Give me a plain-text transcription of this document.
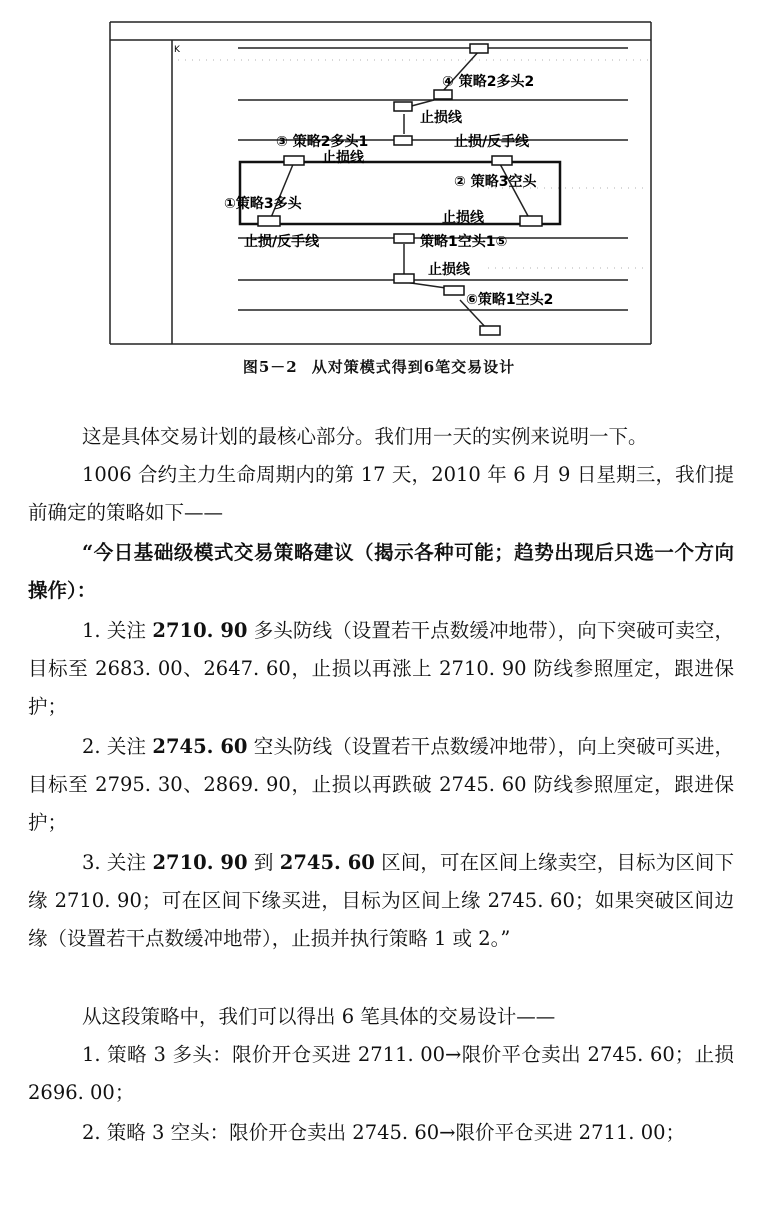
K
④ 策略2多头2
止损线
③ 策略2多头1	止损/反手线
止损线
② 策略3空头
①策略3多头
止损线
止损/反手线	策略1空头1⑤
止损线
⑥策略1空头2
图5－2 从对策模式得到6笔交易设计
这是具体交易计划的最核心部分。我们用一天的实例来说明一下。
1006 合约主力生命周期内的第 17 天，2010 年 6 月 9 日星期三，我们提前确定的策略如下——
“今日基础级模式交易策略建议（揭示各种可能；趋势出现后只选一个方向操作）：
1. 关注 2710. 90 多头防线（设置若干点数缓冲地带），向下突破可卖空，目标至 2683. 00、2647. 60，止损以再涨上 2710. 90 防线参照厘定，跟进保护；
2. 关注 2745. 60 空头防线（设置若干点数缓冲地带），向上突破可买进，目标至 2795. 30、2869. 90，止损以再跌破 2745. 60 防线参照厘定，跟进保护；
3. 关注 2710. 90 到 2745. 60 区间，可在区间上缘卖空，目标为区间下缘 2710. 90；可在区间下缘买进，目标为区间上缘 2745. 60；如果突破区间边缘（设置若干点数缓冲地带），止损并执行策略 1 或 2。”
从这段策略中，我们可以得出 6 笔具体的交易设计——
1. 策略 3 多头：限价开仓买进 2711. 00→限价平仓卖出 2745. 60；止损 2696. 00；
2. 策略 3 空头：限价开仓卖出 2745. 60→限价平仓买进 2711. 00；
